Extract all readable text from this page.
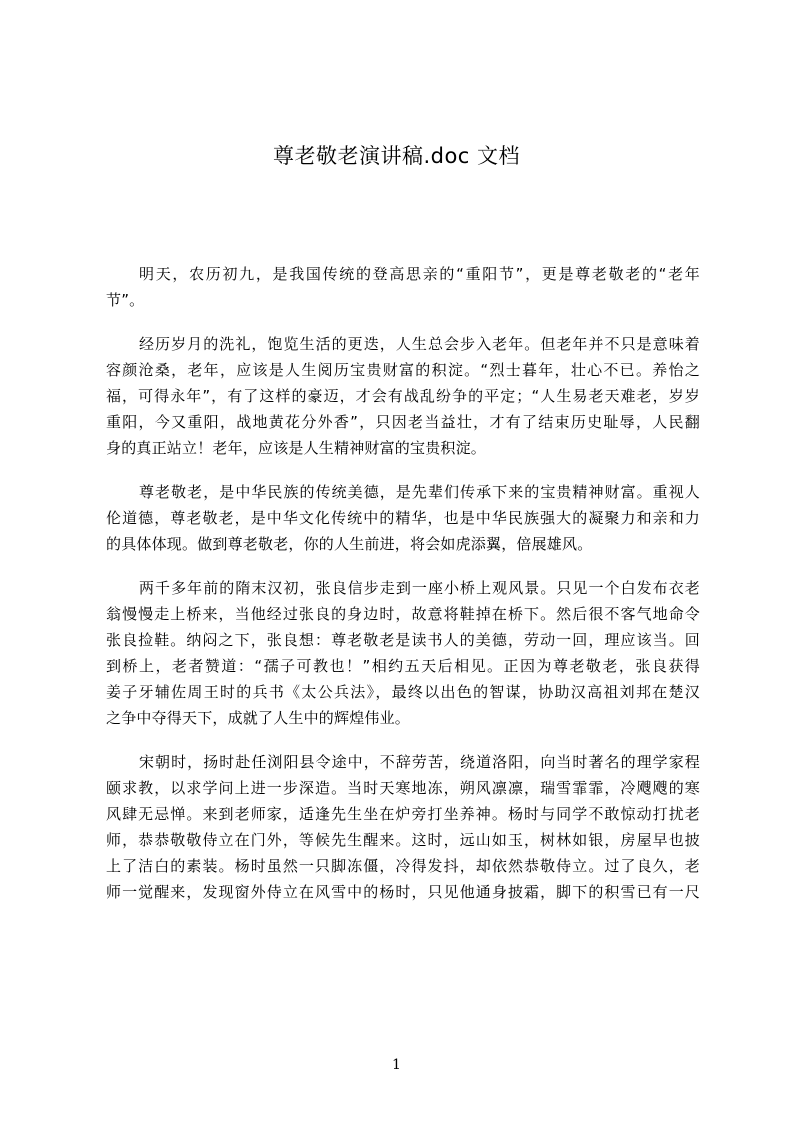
尊老敬老演讲稿.doc 文档
明天，农历初九，是我国传统的登高思亲的“重阳节”，更是尊老敬老的“老年
节”。
经历岁月的洗礼，饱览生活的更迭，人生总会步入老年。但老年并不只是意味着
容颜沧桑，老年，应该是人生阅历宝贵财富的积淀。“烈士暮年，壮心不已。养怡之
福，可得永年”，有了这样的豪迈，才会有战乱纷争的平定；“人生易老天难老，岁岁
重阳，今又重阳，战地黄花分外香”，只因老当益壮，才有了结束历史耻辱，人民翻
身的真正站立！老年，应该是人生精神财富的宝贵积淀。
尊老敬老，是中华民族的传统美德，是先辈们传承下来的宝贵精神财富。重视人
伦道德，尊老敬老，是中华文化传统中的精华，也是中华民族强大的凝聚力和亲和力
的具体体现。做到尊老敬老，你的人生前进，将会如虎添翼，倍展雄风。
两千多年前的隋末汉初，张良信步走到一座小桥上观风景。只见一个白发布衣老
翁慢慢走上桥来，当他经过张良的身边时，故意将鞋掉在桥下。然后很不客气地命令
张良捡鞋。纳闷之下，张良想：尊老敬老是读书人的美德，劳动一回，理应该当。回
到桥上，老者赞道：“孺子可教也！”相约五天后相见。正因为尊老敬老，张良获得
姜子牙辅佐周王时的兵书《太公兵法》，最终以出色的智谋，协助汉高祖刘邦在楚汉
之争中夺得天下，成就了人生中的辉煌伟业。
宋朝时，扬时赴任浏阳县令途中，不辞劳苦，绕道洛阳，向当时著名的理学家程
颐求教，以求学问上进一步深造。当时天寒地冻，朔风凛凛，瑞雪霏霏，冷飕飕的寒
风肆无忌惮。来到老师家，适逢先生坐在炉旁打坐养神。杨时与同学不敢惊动打扰老
师，恭恭敬敬侍立在门外，等候先生醒来。这时，远山如玉，树林如银，房屋早也披
上了洁白的素装。杨时虽然一只脚冻僵，冷得发抖，却依然恭敬侍立。过了良久，老
师一觉醒来，发现窗外侍立在风雪中的杨时，只见他通身披霜，脚下的积雪已有一尺
1
